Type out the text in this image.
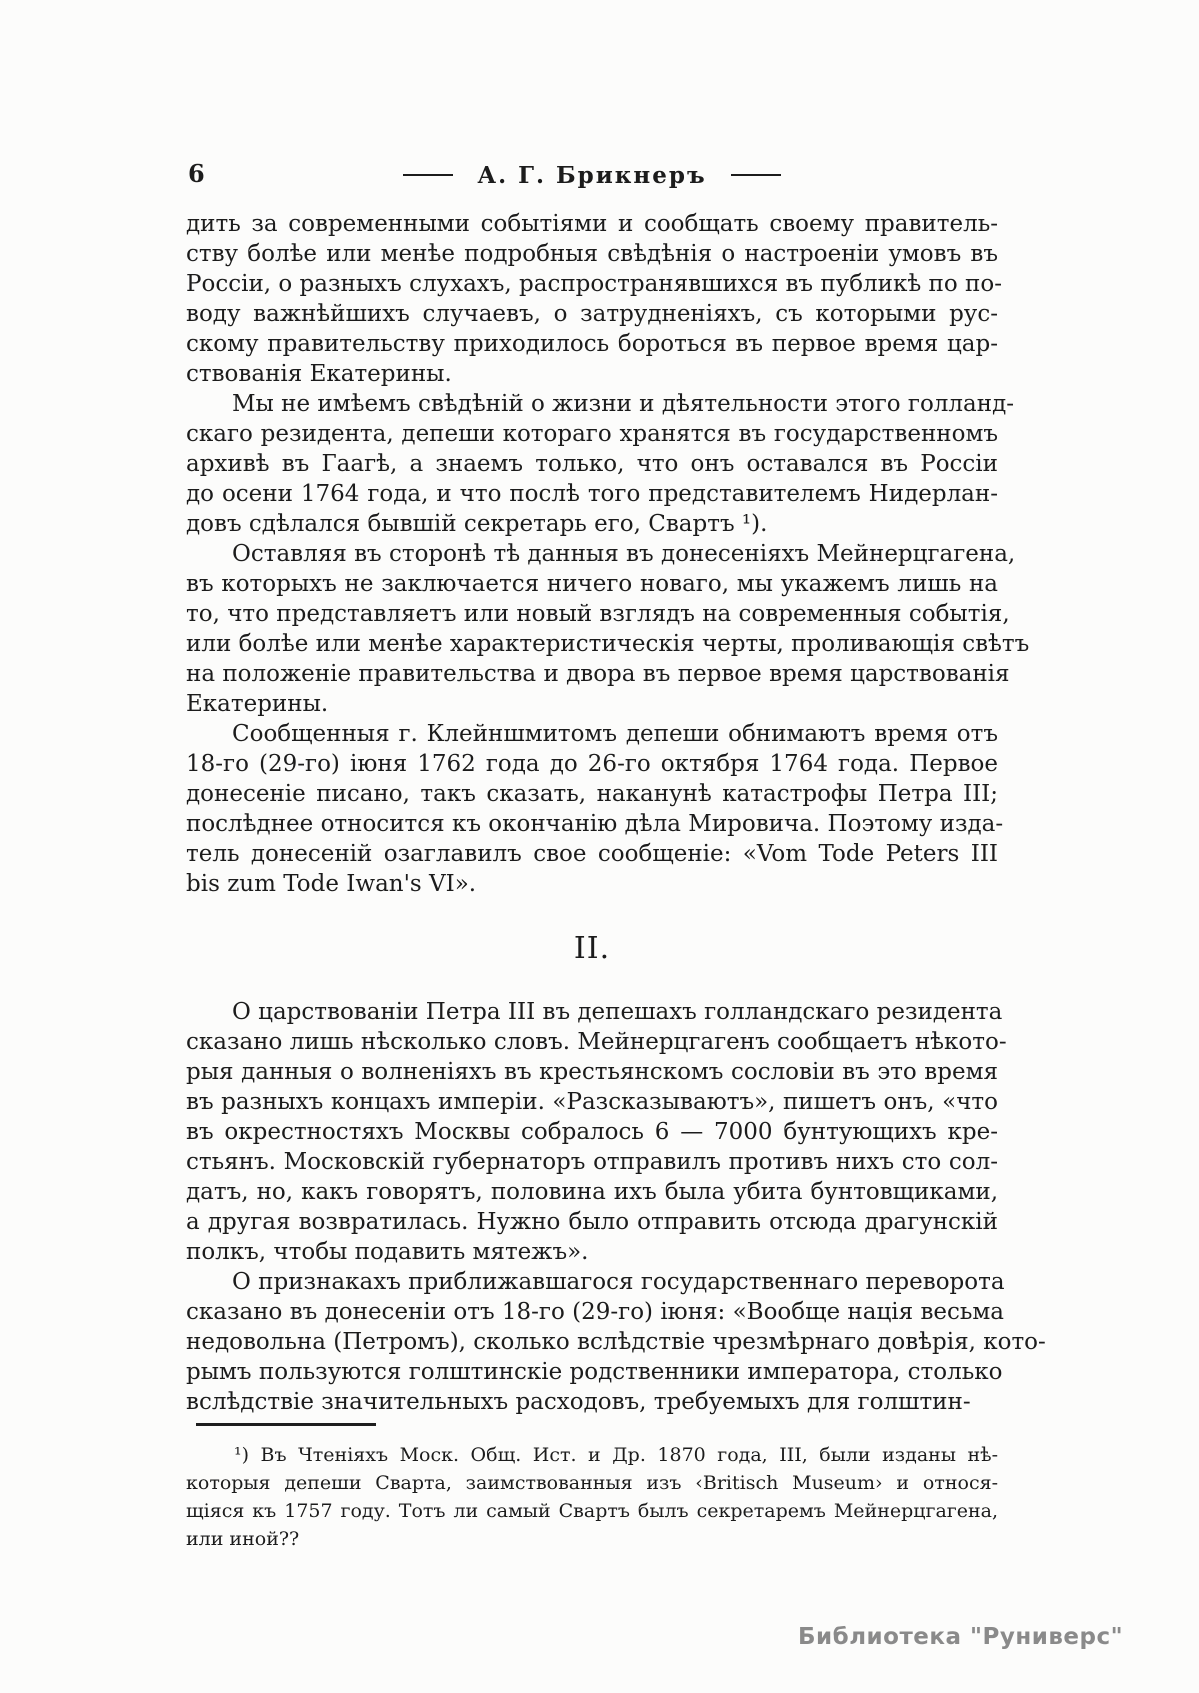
6	А. Г. Брикнеръ
дить за современными событіями и сообщать своему правитель-
ству болѣе или менѣе подробныя свѣдѣнія о настроеніи умовъ въ
Россіи, о разныхъ слухахъ, распространявшихся въ публикѣ по по-
воду важнѣйшихъ случаевъ, о затрудненіяхъ, съ которыми рус-
скому правительству приходилось бороться въ первое время цар-
ствованія Екатерины.
Мы не имѣемъ свѣдѣній о жизни и дѣятельности этого голланд-
скаго резидента, депеши котораго хранятся въ государственномъ
архивѣ въ Гаагѣ, а знаемъ только, что онъ оставался въ Россіи
до осени 1764 года, и что послѣ того представителемъ Нидерлан-
довъ сдѣлался бывшій секретарь его, Свартъ ¹).
Оставляя въ сторонѣ тѣ данныя въ донесеніяхъ Мейнерцгагена,
въ которыхъ не заключается ничего новаго, мы укажемъ лишь на
то, что представляетъ или новый взглядъ на современныя событія,
или болѣе или менѣе характеристическія черты, проливающія свѣтъ
на положеніе правительства и двора въ первое время царствованія
Екатерины.
Сообщенныя г. Клейншмитомъ депеши обнимаютъ время отъ
18-го (29-го) іюня 1762 года до 26-го октября 1764 года. Первое
донесеніе писано, такъ сказать, наканунѣ катастрофы Петра III;
послѣднее относится къ окончанію дѣла Мировича. Поэтому изда-
тель донесеній озаглавилъ свое сообщеніе: «Vom Tode Peters III
bis zum Tode Iwan's VI».
II.
О царствованіи Петра III въ депешахъ голландскаго резидента
сказано лишь нѣсколько словъ. Мейнерцгагенъ сообщаетъ нѣкото-
рыя данныя о волненіяхъ въ крестьянскомъ сословіи въ это время
въ разныхъ концахъ имперіи. «Разсказываютъ», пишетъ онъ, «что
въ окрестностяхъ Москвы собралось 6 — 7000 бунтующихъ кре-
стьянъ. Московскій губернаторъ отправилъ противъ нихъ сто сол-
датъ, но, какъ говорятъ, половина ихъ была убита бунтовщиками,
а другая возвратилась. Нужно было отправить отсюда драгунскій
полкъ, чтобы подавить мятежъ».
О признакахъ приближавшагося государственнаго переворота
сказано въ донесеніи отъ 18-го (29-го) іюня: «Вообще нація весьма
недовольна (Петромъ), сколько вслѣдствіе чрезмѣрнаго довѣрія, кото-
рымъ пользуются голштинскіе родственники императора, столько
вслѣдствіе значительныхъ расходовъ, требуемыхъ для голштин-
¹) Въ Чтеніяхъ Моск. Общ. Ист. и Др. 1870 года, III, были изданы нѣ-
которыя депеши Сварта, заимствованныя изъ ‹Britisch Museum› и относя-
щіяся къ 1757 году. Тотъ ли самый Свартъ былъ секретаремъ Мейнерцгагена,
или иной??
Библиотека "Руниверс"
